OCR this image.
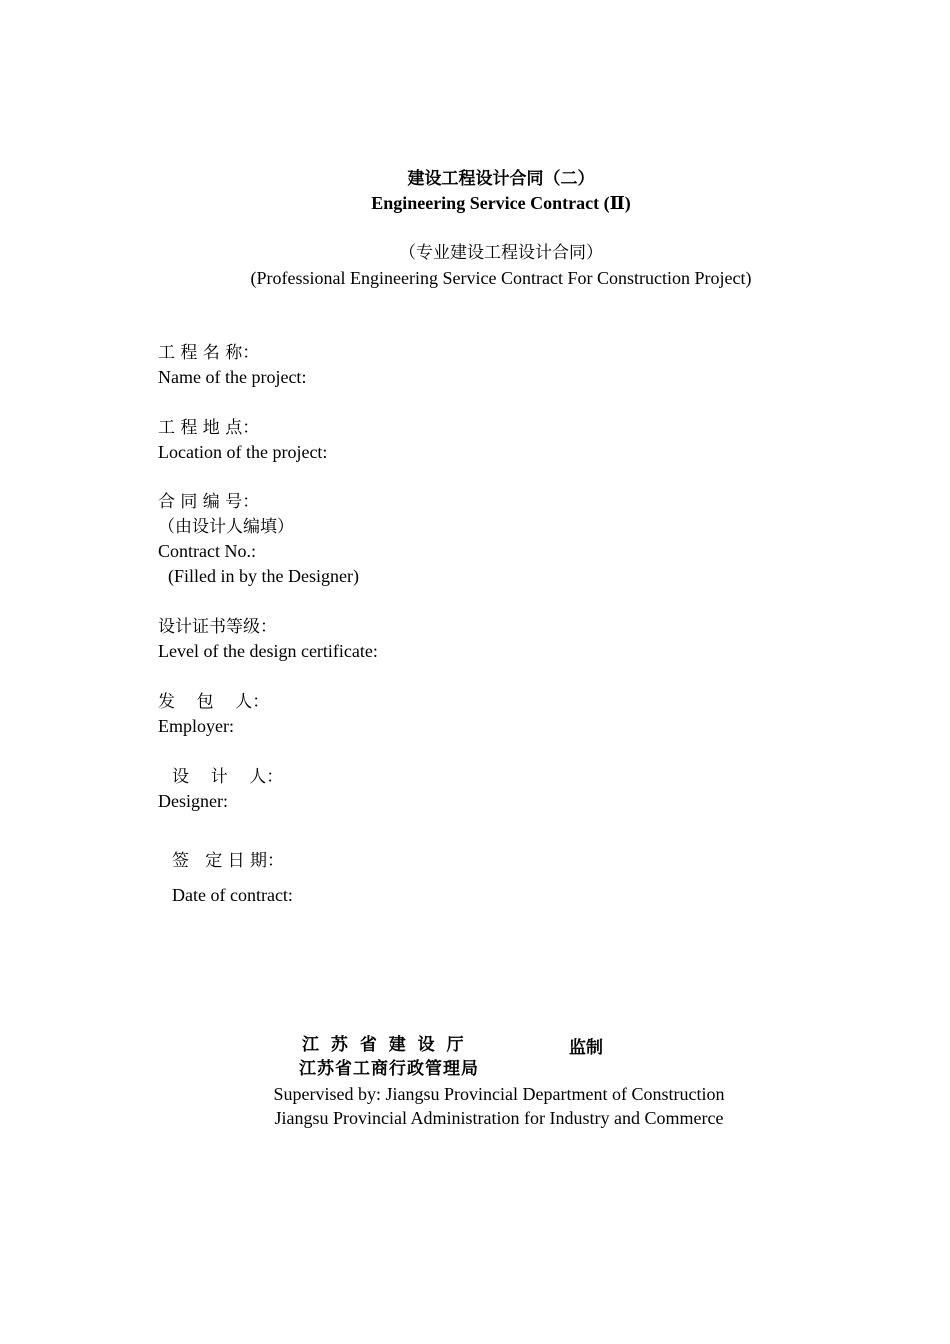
建设工程设计合同（二）
Engineering Service Contract (Ⅱ)
（专业建设工程设计合同）
(Professional Engineering Service Contract For Construction Project)
工 程 名 称：
Name of the project:
工 程 地 点：
Location of the project:
合 同 编 号：
（由设计人编填）
Contract No.:
(Filled in by the Designer)
设计证书等级：
Level of the design certificate:
发    包    人：
Employer:
设    计    人：
Designer:
签   定 日 期：
Date of contract:
江 苏 省 建 设 厅	监制
江苏省工商行政管理局
Supervised by: Jiangsu Provincial Department of Construction
Jiangsu Provincial Administration for Industry and Commerce
